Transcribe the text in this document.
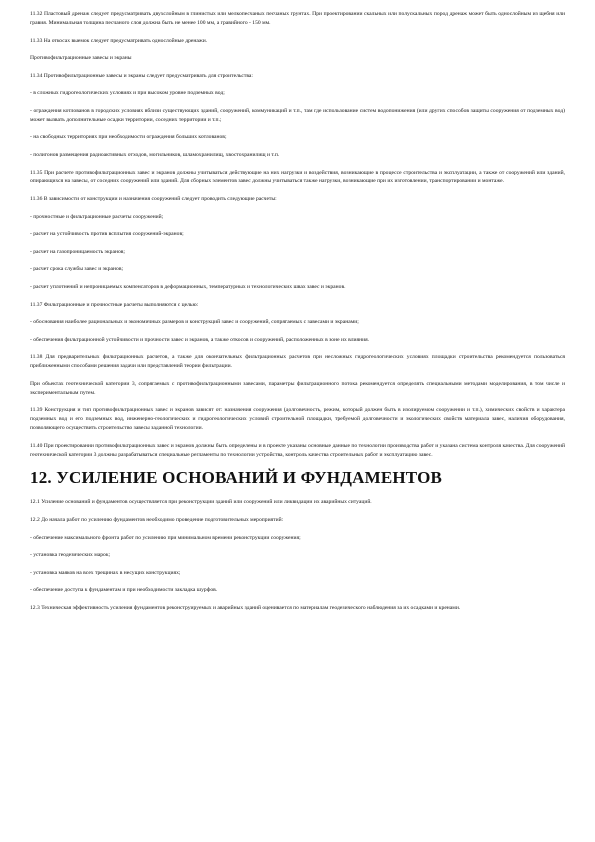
11.32 Пластовый дренаж следует предусматривать двухслойным в глинистых или мелкопесчаных песчаных грунтах. При проектировании скальных или полускальных пород дренаж может быть однослойным из щебня или гравия. Минимальная толщина песчаного слоя должна быть не менее 100 мм, а гравийного - 150 мм.

11.33 На откосах выемок следует предусматривать однослойные дренажи.

Противофильтрационные завесы и экраны

11.34 Противофильтрационные завесы и экраны следует предусматривать для строительства:

- в сложных гидрогеологических условиях и при высоком уровне подземных вод;

- ограждения котлованов в городских условиях вблизи существующих зданий, сооружений, коммуникаций и т.п., там где использование систем водопонижения (или других способов защиты сооружения от подземных вод) может вызвать дополнительные осадки территории, соседних территории и т.п.;

- на свободных территориях при необходимости ограждения больших котлованов;

- полигонов размещения радиоактивных отходов, могильников, шламохранилищ, хвостохранилищ и т.п.

11.35 При расчете противофильтрационных завес и экранов должны учитываться действующие на них нагрузки и воздействия, возникающие в процессе строительства и эксплуатации, а также от сооружений или зданий, опирающихся на завесы, от соседних сооружений или зданий. Для сборных элементов завес должны учитываться также нагрузки, возникающие при их изготовлении, транспортировании и монтаже.

11.36 В зависимости от конструкции и назначения сооружений следует проводить следующие расчеты:

- прочностные и фильтрационные расчеты сооружений;

- расчет на устойчивость против всплытия сооружений-экранов;

- расчет на газопроницаемость экранов;

- расчет срока службы завес и экранов;

- расчет уплотнений и непроницаемых компенсаторов в деформационных, температурных и технологических швах завес и экранов.

11.37 Фильтрационные и прочностные расчеты выполняются с целью:

- обоснования наиболее рациональных и экономичных размеров и конструкций завес и сооружений, сопрягаемых с завесами и экранами;

- обеспечения фильтрационной устойчивости и прочности завес и экранов, а также откосов и сооружений, расположенных в зоне их влияния.

11.38 Для предварительных фильтрационных расчетов, а также для окончательных фильтрационных расчетов при несложных гидрогеологических условиях площадки строительства рекомендуется пользоваться приближенными способами решения задачи или представлений теории фильтрации.

При объектах геотехнической категории 3, сопрягаемых с противофильтрационными завесами, параметры фильтрационного потока рекомендуется определять специальными методами моделирования, в том числе и экспериментальным путем.

11.39 Конструкция и тип противофильтрационных завес и экранов зависят от: назначения сооружения (долговечность, режим, который должен быть в изолируемом сооружении и т.п.), химических свойств и характера подземных вод и его подземных вод, инженерно-геологических и гидрогеологических условий строительной площадки, требуемой долговечности и экологических свойств материала завес, наличия оборудования, позволяющего осуществить строительство завесы заданной технологии.

11.40 При проектировании противофильтрационных завес и экранов должны быть определены и в проекте указаны основные данные по технологии производства работ и указана система контроля качества. Для сооружений геотехнической категории 3 должны разрабатываться специальные регламенты по технологии устройства, контроль качества строительных работ и эксплуатацию завес.

12. УСИЛЕНИЕ ОСНОВАНИЙ И ФУНДАМЕНТОВ

12.1 Усиление оснований и фундаментов осуществляется при реконструкции зданий или сооружений или ликвидации их аварийных ситуаций.

12.2 До начала работ по усилению фундаментов необходимо проведение подготовительных мероприятий:

- обеспечение максимального фронта работ по усилению при минимальном времени реконструкции сооружения;

- установка геодезических марок;

- установка маяков на всех трещинах в несущих конструкциях;

- обеспечение доступа к фундаментам и при необходимости закладка шурфов.

12.3 Техническая эффективность усиления фундаментов реконструируемых и аварийных зданий оценивается по материалам геодезического наблюдения за их осадками и кренами.
